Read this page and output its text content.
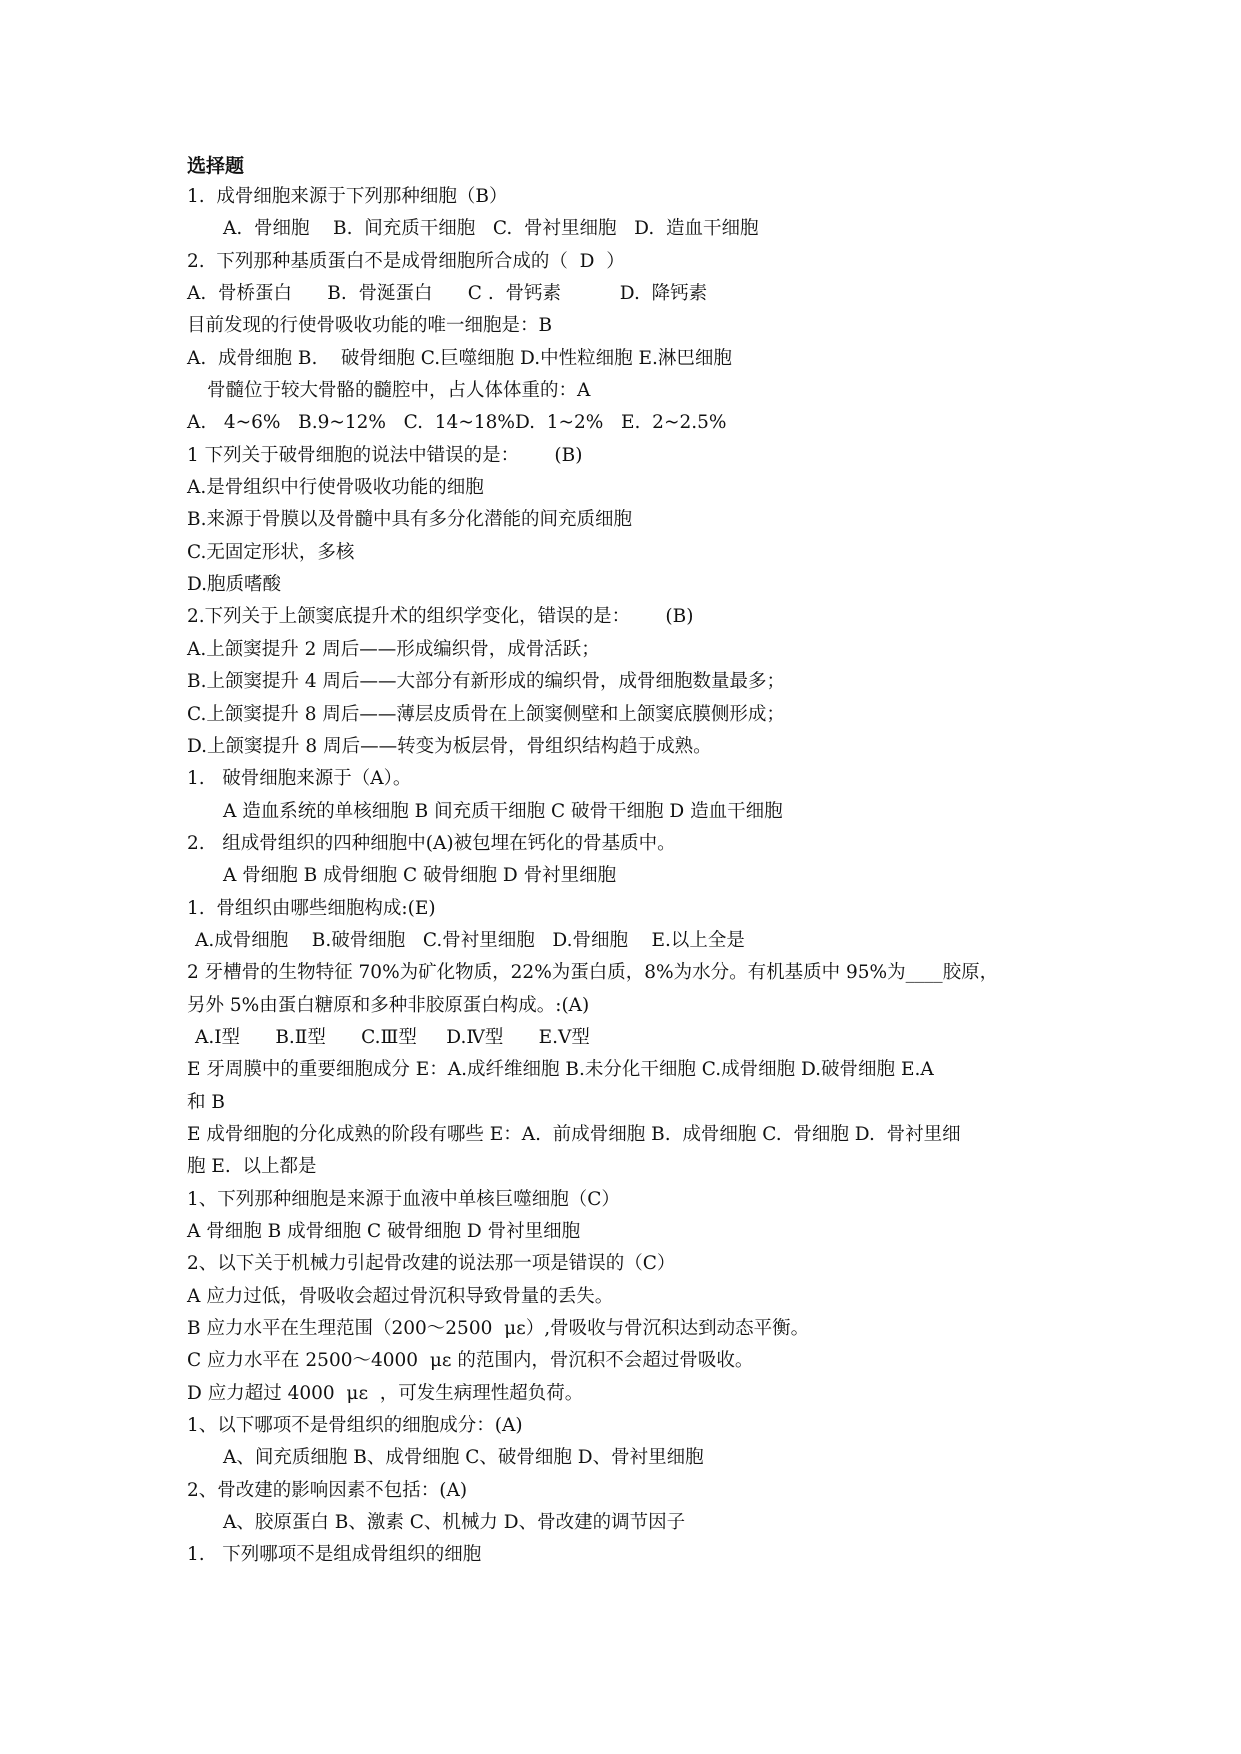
选择题
1.  成骨细胞来源于下列那种细胞（B）
A.  骨细胞    B.  间充质干细胞   C.  骨衬里细胞   D.  造血干细胞
2.  下列那种基质蛋白不是成骨细胞所合成的（  D  ）
A.  骨桥蛋白      B.  骨涎蛋白      C .  骨钙素          D.  降钙素
目前发现的行使骨吸收功能的唯一细胞是：B
A.  成骨细胞 B.    破骨细胞 C.巨噬细胞 D.中性粒细胞 E.淋巴细胞
骨髓位于较大骨骼的髓腔中，占人体体重的：A
A.   4~6%   B.9~12%   C.  14~18%D.  1~2%   E.  2~2.5%
1 下列关于破骨细胞的说法中错误的是：      (B)
A.是骨组织中行使骨吸收功能的细胞
B.来源于骨膜以及骨髓中具有多分化潜能的间充质细胞
C.无固定形状，多核
D.胞质嗜酸
2.下列关于上颌窦底提升术的组织学变化，错误的是：      (B)
A.上颌窦提升 2 周后——形成编织骨，成骨活跃；
B.上颌窦提升 4 周后——大部分有新形成的编织骨，成骨细胞数量最多；
C.上颌窦提升 8 周后——薄层皮质骨在上颌窦侧壁和上颌窦底膜侧形成；
D.上颌窦提升 8 周后——转变为板层骨，骨组织结构趋于成熟。
1.   破骨细胞来源于（A）。
A 造血系统的单核细胞 B 间充质干细胞 C 破骨干细胞 D 造血干细胞
2.   组成骨组织的四种细胞中(A)被包埋在钙化的骨基质中。
A 骨细胞 B 成骨细胞 C 破骨细胞 D 骨衬里细胞
1.  骨组织由哪些细胞构成:(E)
A.成骨细胞    B.破骨细胞   C.骨衬里细胞   D.骨细胞    E.以上全是
2 牙槽骨的生物特征 70%为矿化物质，22%为蛋白质，8%为水分。有机基质中 95%为____胶原，
另外 5%由蛋白糖原和多种非胶原蛋白构成。:(A)
A.Ⅰ型      B.Ⅱ型      C.Ⅲ型     D.Ⅳ型      E.Ⅴ型
E 牙周膜中的重要细胞成分 E：A.成纤维细胞 B.未分化干细胞 C.成骨细胞 D.破骨细胞 E.A
和 B
E 成骨细胞的分化成熟的阶段有哪些 E：A.  前成骨细胞 B.  成骨细胞 C.  骨细胞 D.  骨衬里细
胞 E.  以上都是
1、下列那种细胞是来源于血液中单核巨噬细胞（C）
A 骨细胞 B 成骨细胞 C 破骨细胞 D 骨衬里细胞
2、以下关于机械力引起骨改建的说法那一项是错误的（C）
A 应力过低，骨吸收会超过骨沉积导致骨量的丢失。
B 应力水平在生理范围（200～2500  με）,骨吸收与骨沉积达到动态平衡。
C 应力水平在 2500～4000  με 的范围内，骨沉积不会超过骨吸收。
D 应力超过 4000  με  ，可发生病理性超负荷。
1、以下哪项不是骨组织的细胞成分：(A)
A、间充质细胞 B、成骨细胞 C、破骨细胞 D、骨衬里细胞
2、骨改建的影响因素不包括：(A)
A、胶原蛋白 B、激素 C、机械力 D、骨改建的调节因子
1.   下列哪项不是组成骨组织的细胞
